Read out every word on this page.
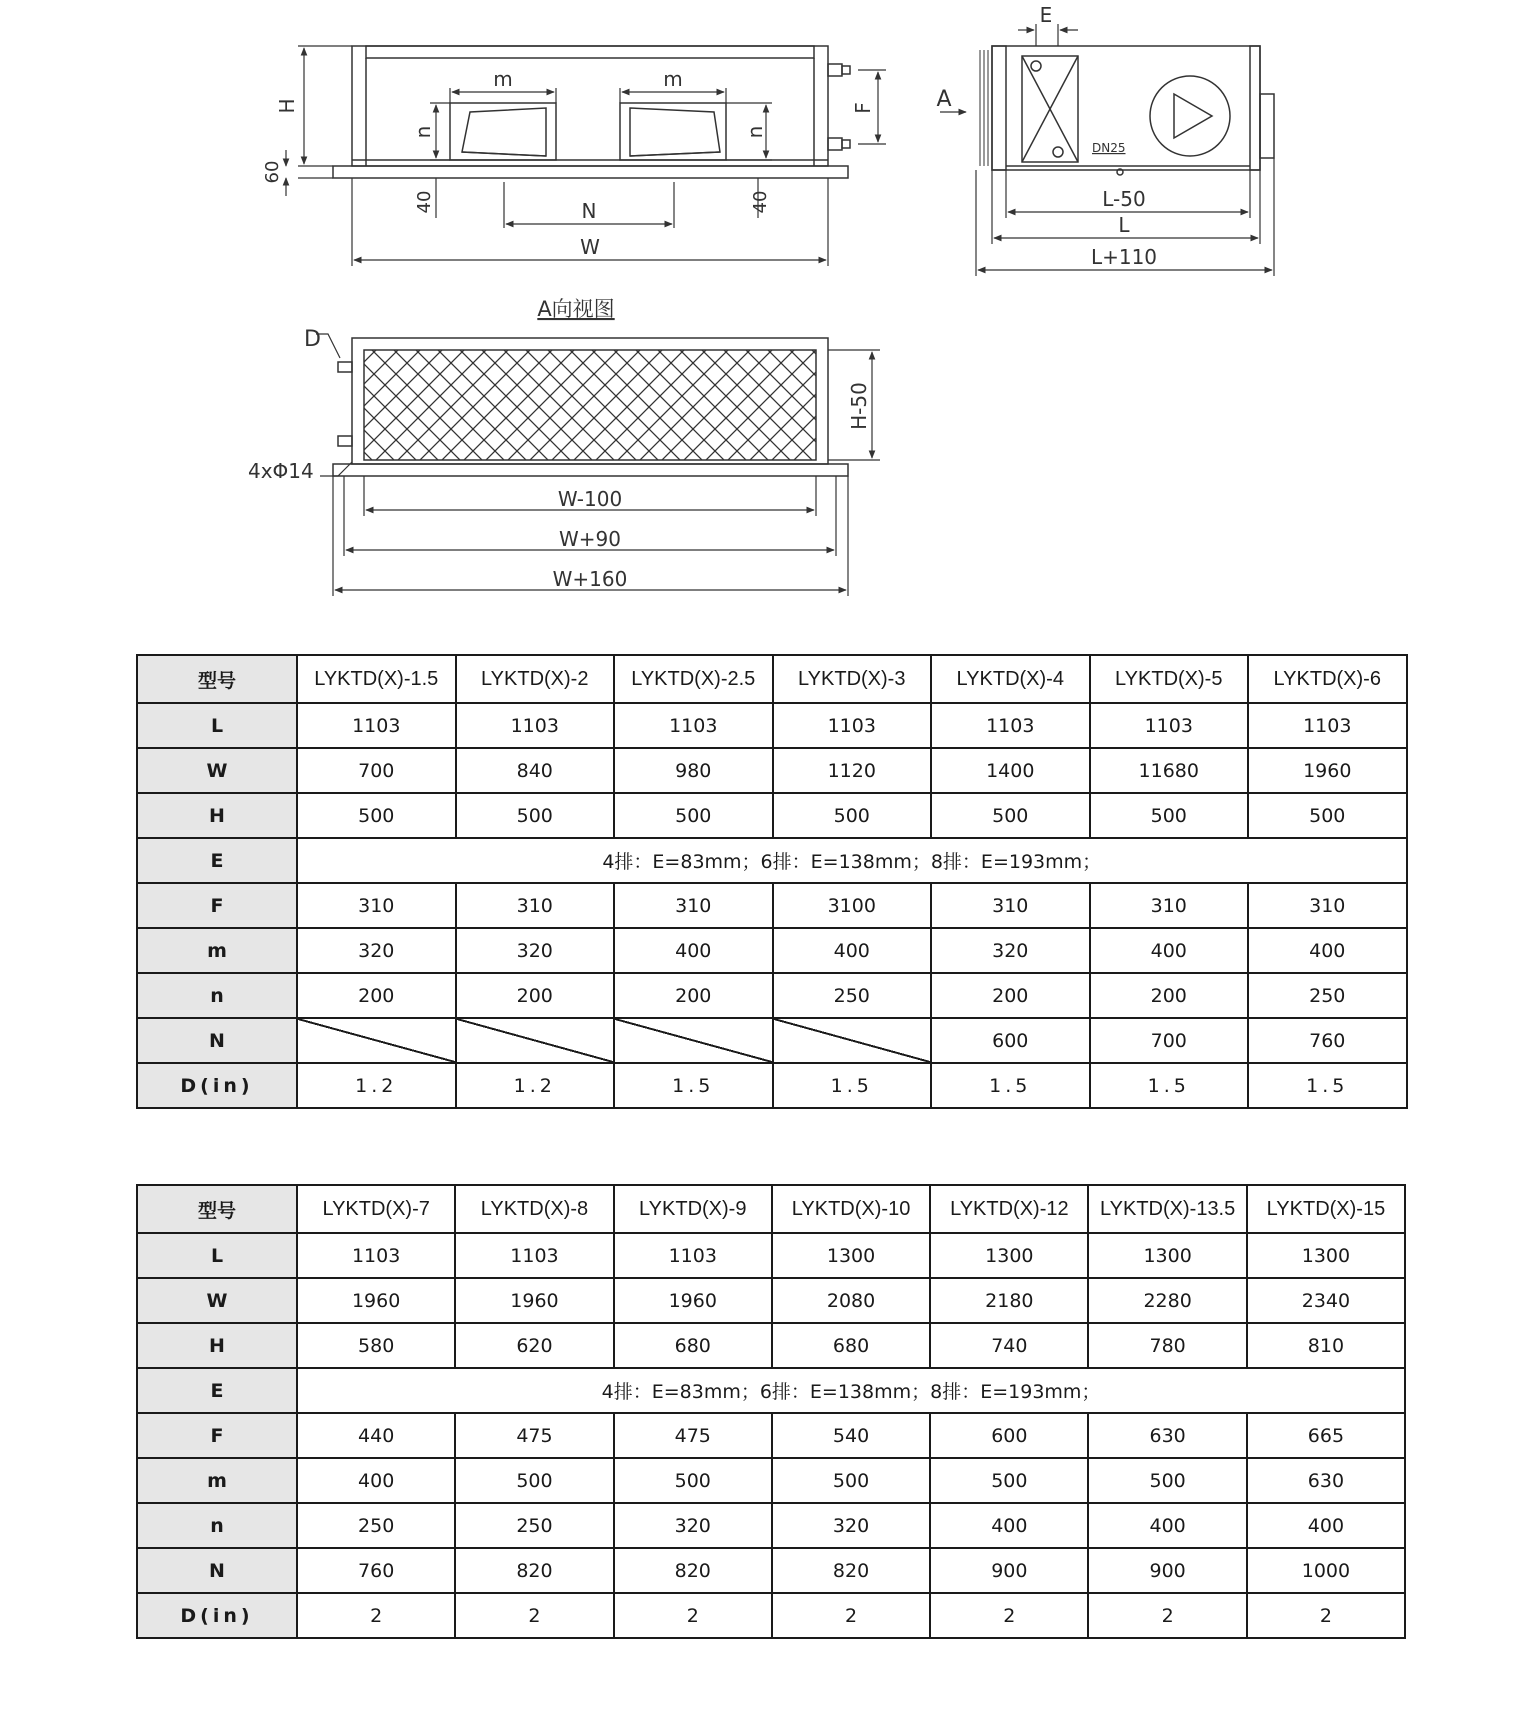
H
60
m	m
n	n
F
40	40
N
W
E
A
DN25
L-50
L
L+110
A向视图
D
4xΦ14
H-50
W-100
W+90
W+160
型号	LYKTD(X)-1.5	LYKTD(X)-2	LYKTD(X)-2.5	LYKTD(X)-3	LYKTD(X)-4	LYKTD(X)-5	LYKTD(X)-6
L	1103	1103	1103	1103	1103	1103	1103
W	700	840	980	1120	1400	11680	1960
H	500	500	500	500	500	500	500
E	4排：E=83mm；6排：E=138mm；8排：E=193mm；						
F	310	310	310	3100	310	310	310
m	320	320	400	400	320	400	400
n	200	200	200	250	200	200	250
N					600	700	760
D(in)	1.2	1.2	1.5	1.5	1.5	1.5	1.5
型号	LYKTD(X)-7	LYKTD(X)-8	LYKTD(X)-9	LYKTD(X)-10	LYKTD(X)-12	LYKTD(X)-13.5	LYKTD(X)-15
L	1103	1103	1103	1300	1300	1300	1300
W	1960	1960	1960	2080	2180	2280	2340
H	580	620	680	680	740	780	810
E	4排：E=83mm；6排：E=138mm；8排：E=193mm；						
F	440	475	475	540	600	630	665
m	400	500	500	500	500	500	630
n	250	250	320	320	400	400	400
N	760	820	820	820	900	900	1000
D(in)	2	2	2	2	2	2	2
